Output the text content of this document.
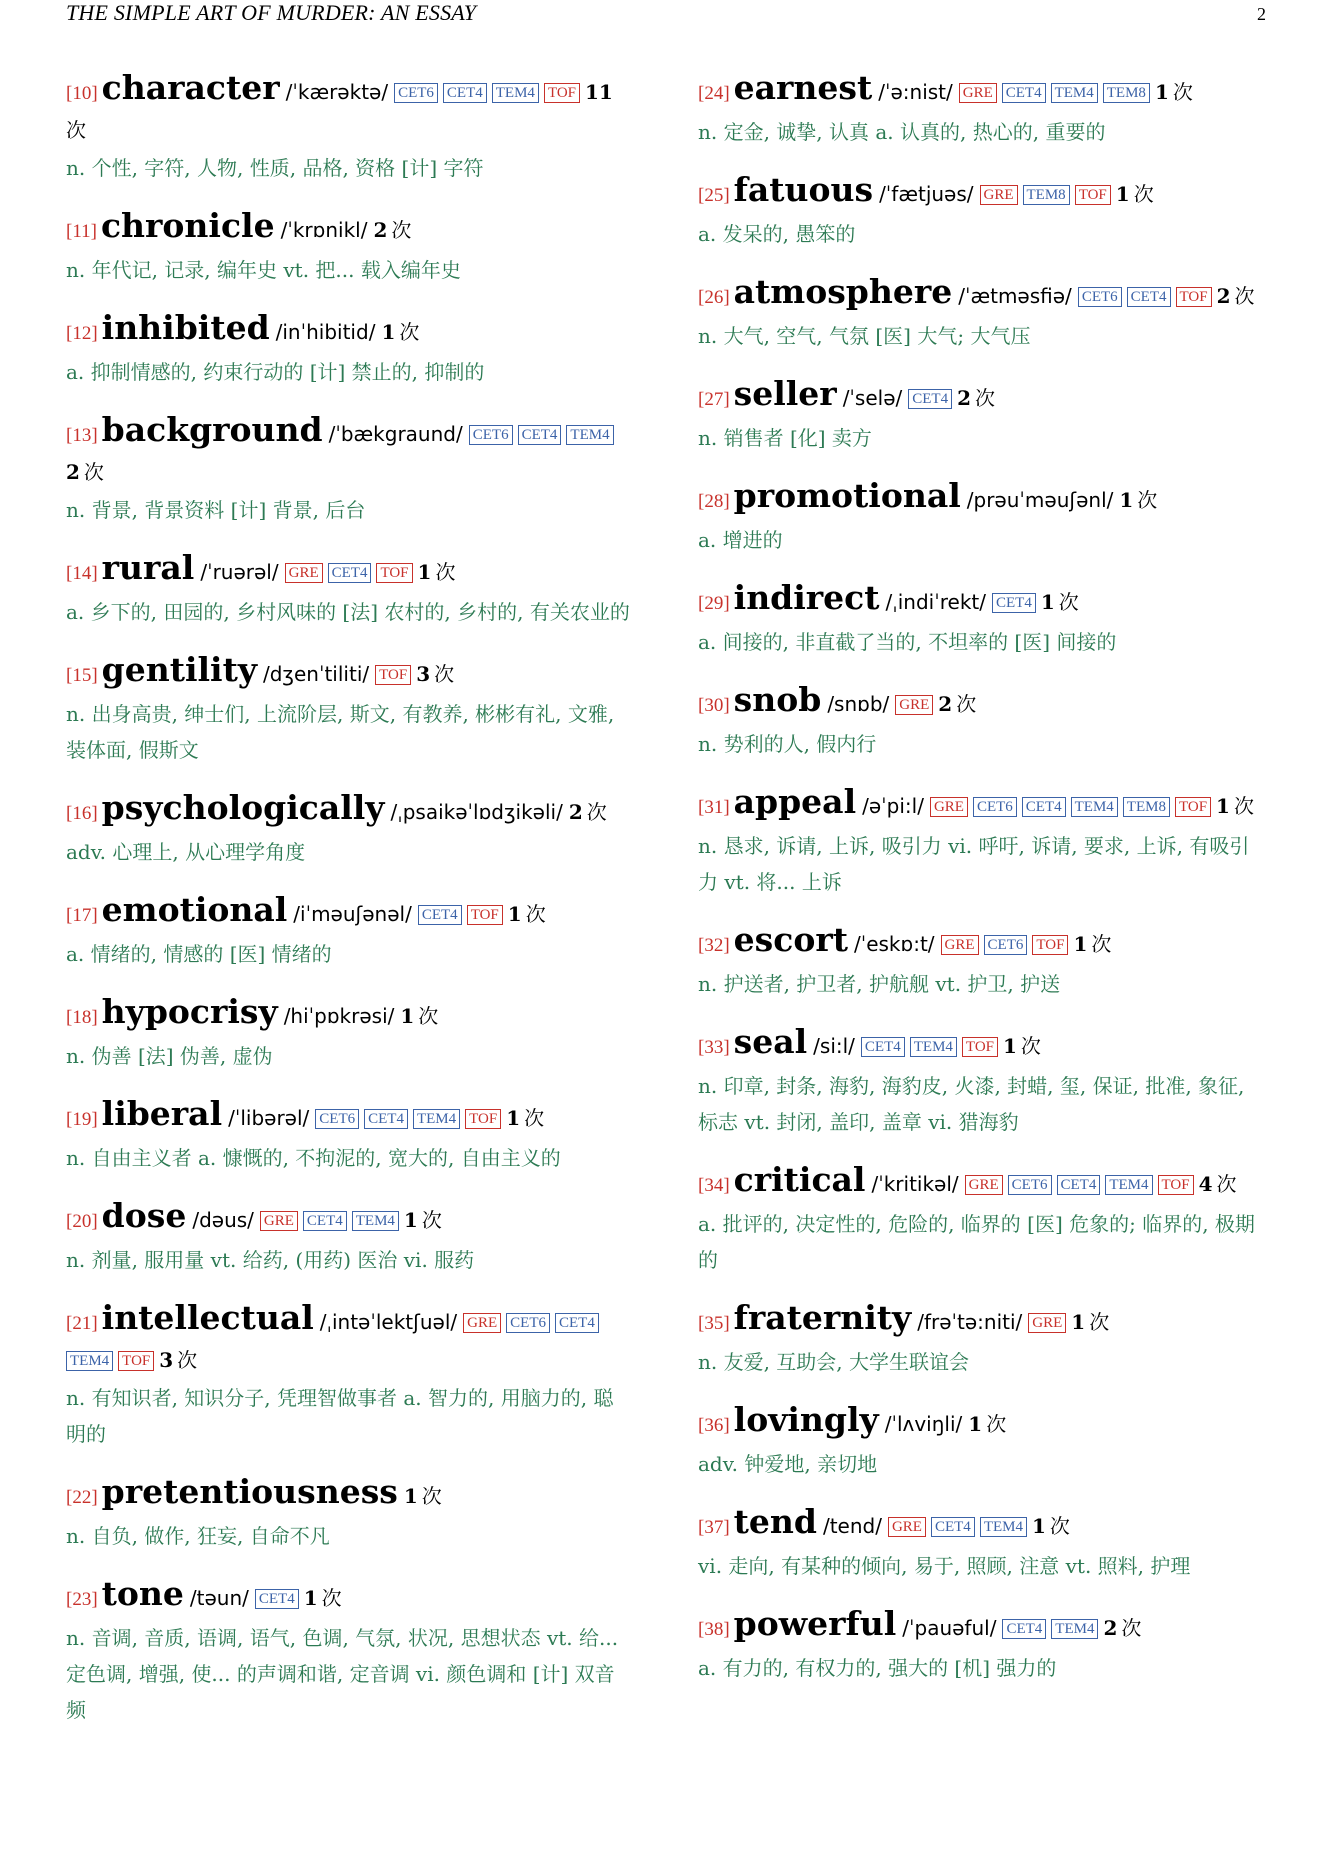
THE SIMPLE ART OF MURDER: AN ESSAY	2
[10] character /ˈkærəktə/ CET6 CET4 TEM4 TOF 11次
n. 个性, 字符, 人物, 性质, 品格, 资格 [计] 字符
[11] chronicle /ˈkrɒnikl/ 2 次
n. 年代记, 记录, 编年史 vt. 把... 载入编年史
[12] inhibited /inˈhibitid/ 1 次
a. 抑制情感的, 约束行动的 [计] 禁止的, 抑制的
[13] background /ˈbækgraund/ CET6 CET4 TEM42 次
n. 背景, 背景资料 [计] 背景, 后台
[14] rural /ˈruərəl/ GRE CET4 TOF 1 次
a. 乡下的, 田园的, 乡村风味的 [法] 农村的, 乡村的, 有关农业的
[15] gentility /dʒenˈtiliti/ TOF 3 次
n. 出身高贵, 绅士们, 上流阶层, 斯文, 有教养, 彬彬有礼, 文雅, 装体面, 假斯文
[16] psychologically /ˌpsaikəˈlɒdʒikəli/ 2 次
adv. 心理上, 从心理学角度
[17] emotional /iˈməuʃənəl/ CET4 TOF 1 次
a. 情绪的, 情感的 [医] 情绪的
[18] hypocrisy /hiˈpɒkrəsi/ 1 次
n. 伪善 [法] 伪善, 虚伪
[19] liberal /ˈlibərəl/ CET6 CET4 TEM4 TOF 1 次
n. 自由主义者 a. 慷慨的, 不拘泥的, 宽大的, 自由主义的
[20] dose /dəus/ GRE CET4 TEM4 1 次
n. 剂量, 服用量 vt. 给药, (用药) 医治 vi. 服药
[21] intellectual /ˌintəˈlektʃuəl/ GRE CET6 CET4TEM4 TOF 3 次
n. 有知识者, 知识分子, 凭理智做事者 a. 智力的, 用脑力的, 聪明的
[22] pretentiousness 1 次
n. 自负, 做作, 狂妄, 自命不凡
[23] tone /təun/ CET4 1 次
n. 音调, 音质, 语调, 语气, 色调, 气氛, 状况, 思想状态 vt. 给... 定色调, 增强, 使... 的声调和谐, 定音调 vi. 颜色调和 [计] 双音频
[24] earnest /ˈə:nist/ GRE CET4 TEM4 TEM8 1 次
n. 定金, 诚挚, 认真 a. 认真的, 热心的, 重要的
[25] fatuous /ˈfætjuəs/ GRE TEM8 TOF 1 次
a. 发呆的, 愚笨的
[26] atmosphere /ˈætməsfiə/ CET6 CET4 TOF 2 次
n. 大气, 空气, 气氛 [医] 大气; 大气压
[27] seller /ˈselə/ CET4 2 次
n. 销售者 [化] 卖方
[28] promotional /prəuˈməuʃənl/ 1 次
a. 增进的
[29] indirect /ˌindiˈrekt/ CET4 1 次
a. 间接的, 非直截了当的, 不坦率的 [医] 间接的
[30] snob /snɒb/ GRE 2 次
n. 势利的人, 假内行
[31] appeal /əˈpi:l/ GRE CET6 CET4 TEM4 TEM8 TOF 1 次
n. 恳求, 诉请, 上诉, 吸引力 vi. 呼吁, 诉请, 要求, 上诉, 有吸引力 vt. 将... 上诉
[32] escort /ˈeskɒ:t/ GRE CET6 TOF 1 次
n. 护送者, 护卫者, 护航舰 vt. 护卫, 护送
[33] seal /si:l/ CET4 TEM4 TOF 1 次
n. 印章, 封条, 海豹, 海豹皮, 火漆, 封蜡, 玺, 保证, 批准, 象征, 标志 vt. 封闭, 盖印, 盖章 vi. 猎海豹
[34] critical /ˈkritikəl/ GRE CET6 CET4 TEM4 TOF 4 次
a. 批评的, 决定性的, 危险的, 临界的 [医] 危象的; 临界的, 极期的
[35] fraternity /frəˈtə:niti/ GRE 1 次
n. 友爱, 互助会, 大学生联谊会
[36] lovingly /ˈlʌviŋli/ 1 次
adv. 钟爱地, 亲切地
[37] tend /tend/ GRE CET4 TEM4 1 次
vi. 走向, 有某种的倾向, 易于, 照顾, 注意 vt. 照料, 护理
[38] powerful /ˈpauəful/ CET4 TEM4 2 次
a. 有力的, 有权力的, 强大的 [机] 强力的
